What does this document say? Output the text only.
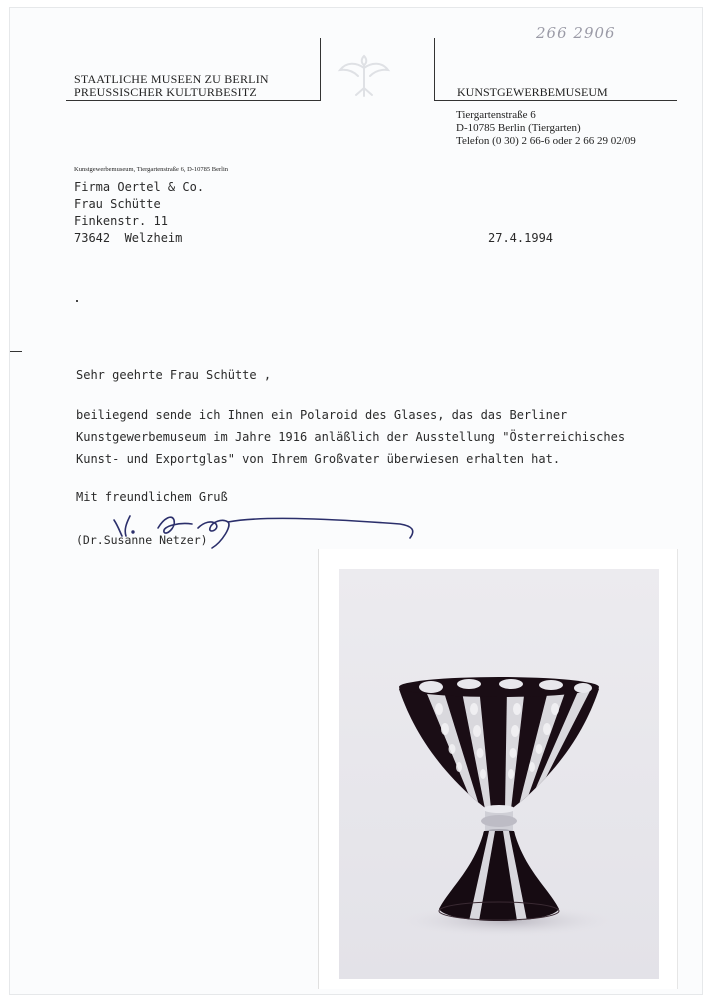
266 2906
STAATLICHE MUSEEN ZU BERLIN
PREUSSISCHER KULTURBESITZ	KUNSTGEWERBEMUSEUM
Tiergartenstraße 6
D-10785 Berlin (Tiergarten)
Telefon (0 30) 2 66-6 oder 2 66 29 02/09
Kunstgewerbemuseum, Tiergartenstraße 6, D-10785 Berlin
Firma Oertel & Co.
Frau Schütte
Finkenstr. 11
73642  Welzheim	27.4.1994
Sehr geehrte Frau Schütte ,
beiliegend sende ich Ihnen ein Polaroid des Glases, das das Berliner
Kunstgewerbemuseum im Jahre 1916 anläßlich der Ausstellung "Österreichisches
Kunst- und Exportglas" von Ihrem Großvater überwiesen erhalten hat.
Mit freundlichem Gruß
(Dr.Susanne Netzer)
